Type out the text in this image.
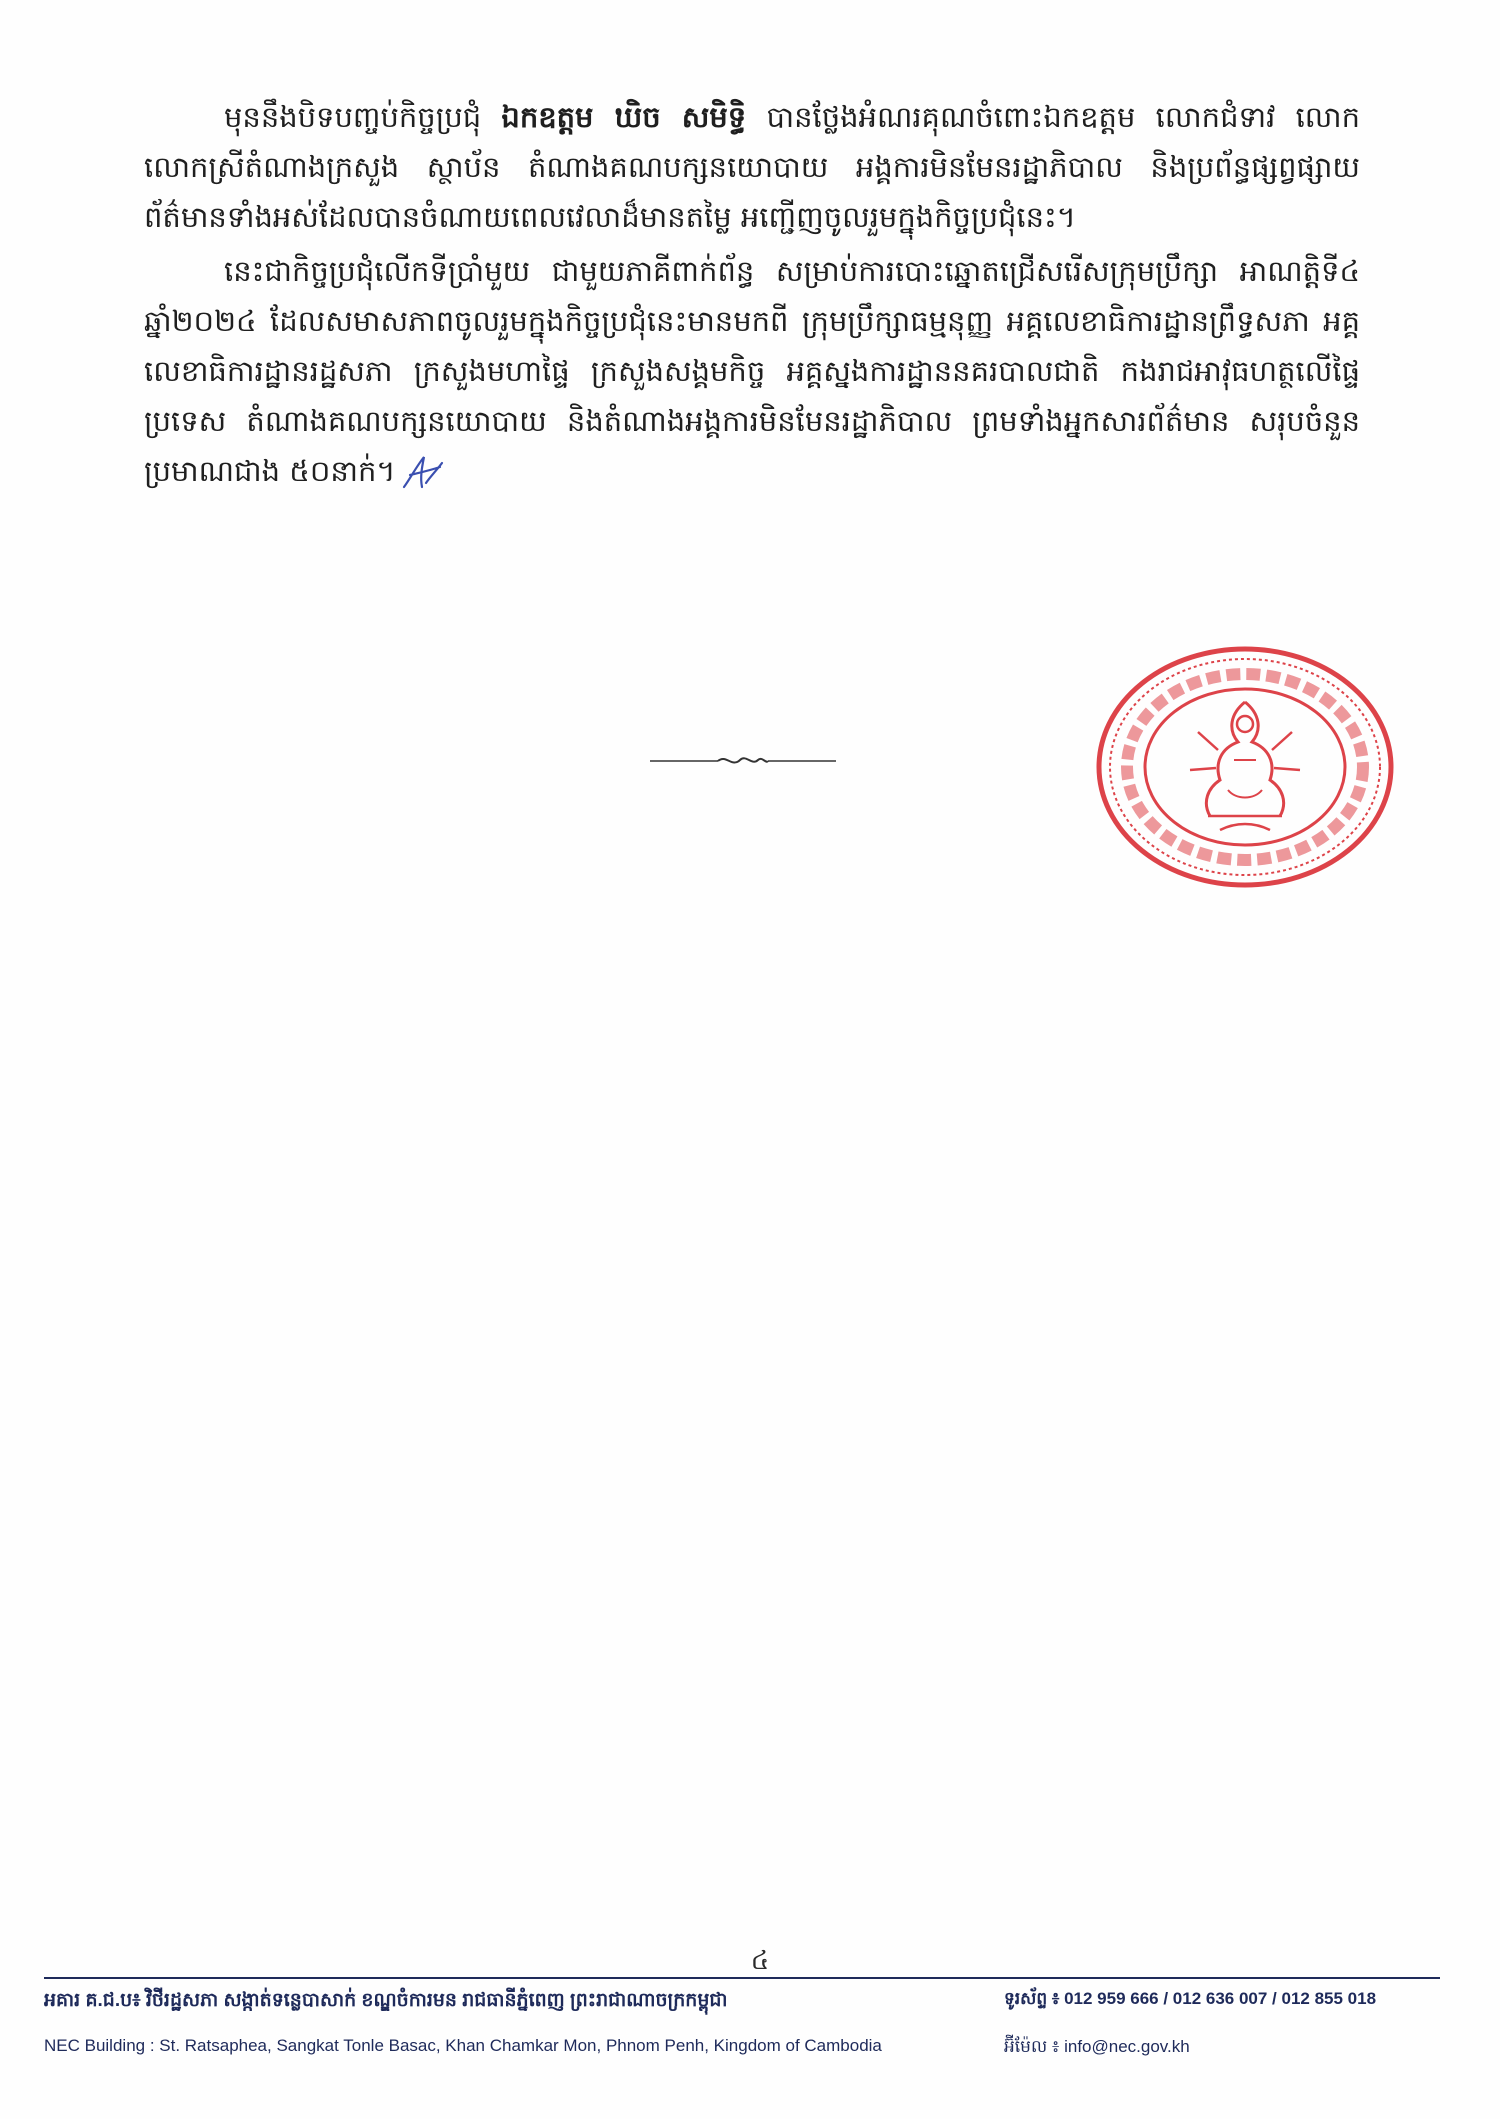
មុននឹងបិទបញ្ចប់កិច្ចប្រជុំ ឯកឧត្តម ឃិច សមិទ្ធិ បានថ្លែងអំណរគុណចំពោះឯកឧត្តម លោកជំទាវ លោក លោកស្រីតំណាងក្រសួង ស្ថាប័ន តំណាងគណបក្សនយោបាយ អង្គការមិនមែនរដ្ឋាភិបាល និងប្រព័ន្ធផ្សព្វផ្សាយព័ត៌មានទាំងអស់ដែលបានចំណាយពេលវេលាដ៏មានតម្លៃ អញ្ជើញចូលរួមក្នុងកិច្ចប្រជុំនេះ។

នេះជាកិច្ចប្រជុំលើកទីប្រាំមួយ ជាមួយភាគីពាក់ព័ន្ធ សម្រាប់ការបោះឆ្នោតជ្រើសរើសក្រុមប្រឹក្សា អាណត្តិទី៤ ឆ្នាំ២០២៤ ដែលសមាសភាពចូលរួមក្នុងកិច្ចប្រជុំនេះមានមកពី ក្រុមប្រឹក្សាធម្មនុញ្ញ អគ្គលេខាធិការដ្ឋានព្រឹទ្ធសភា អគ្គលេខាធិការដ្ឋានរដ្ឋសភា ក្រសួងមហាផ្ទៃ ក្រសួងសង្គមកិច្ច អគ្គស្នងការដ្ឋាននគរបាលជាតិ កងរាជអាវុធហត្ថលើផ្ទៃប្រទេស តំណាងគណបក្សនយោបាយ និងតំណាងអង្គការមិនមែនរដ្ឋាភិបាល ព្រមទាំងអ្នកសារព័ត៌មាន សរុបចំនួនប្រមាណជាង ៥០នាក់។

៤
អគារ គ.ជ.ប៖ វិថីរដ្ឋសភា សង្កាត់ទន្លេបាសាក់ ខណ្ឌចំការមន រាជធានីភ្នំពេញ ព្រះរាជាណាចក្រកម្ពុជា
NEC Building : St. Ratsaphea, Sangkat Tonle Basac, Khan Chamkar Mon, Phnom Penh, Kingdom of Cambodia
ទូរស័ព្ទ ៖ 012 959 666 / 012 636 007 / 012 855 018
អ៊ីម៉ែល ៖ info@nec.gov.kh
